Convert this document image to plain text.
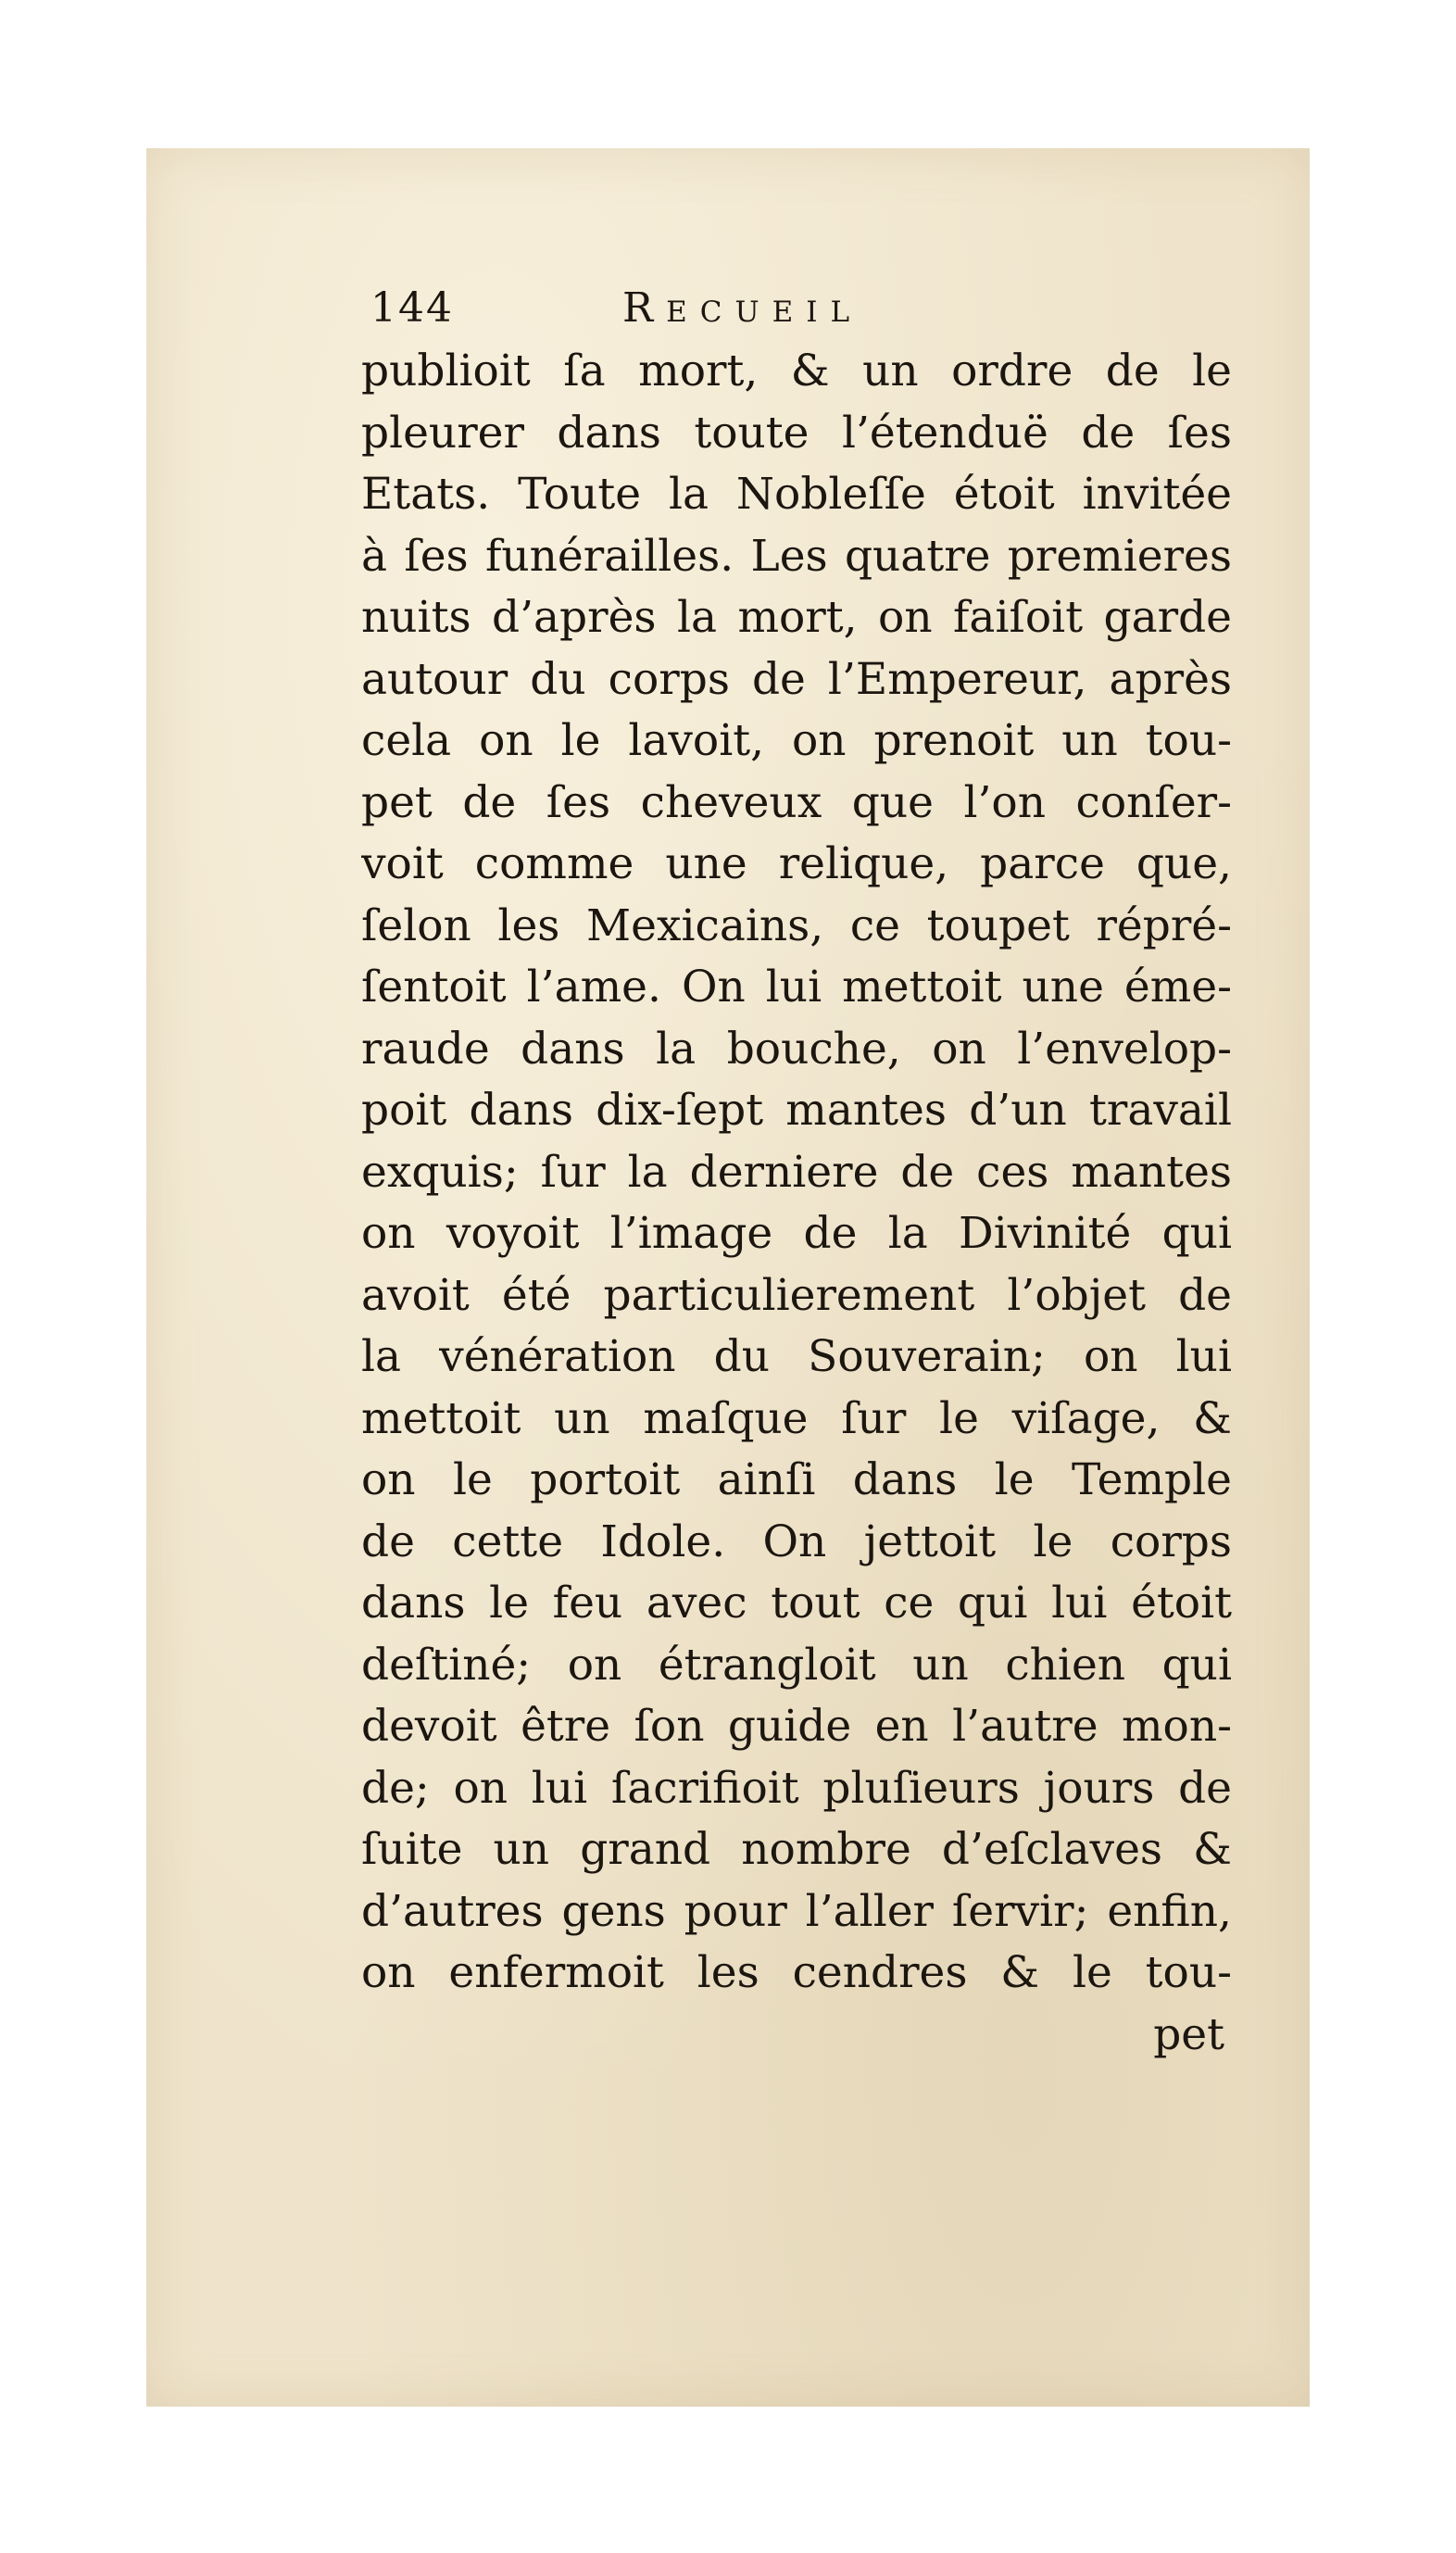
144	Recueil
publioit ſa mort, & un ordre de le
pleurer dans toute l’étenduë de ſes
Etats. Toute la Nobleſſe étoit invitée
à ſes funérailles. Les quatre premieres
nuits d’après la mort, on faiſoit garde
autour du corps de l’Empereur, après
cela on le lavoit, on prenoit un tou-
pet de ſes cheveux que l’on conſer-
voit comme une relique, parce que,
ſelon les Mexicains, ce toupet répré-
ſentoit l’ame. On lui mettoit une éme-
raude dans la bouche, on l’envelop-
poit dans dix-ſept mantes d’un travail
exquis; ſur la derniere de ces mantes
on voyoit l’image de la Divinité qui
avoit été particulierement l’objet de
la vénération du Souverain; on lui
mettoit un maſque ſur le viſage, &
on le portoit ainſi dans le Temple
de cette Idole. On jettoit le corps
dans le feu avec tout ce qui lui étoit
deſtiné; on étrangloit un chien qui
devoit être ſon guide en l’autre mon-
de; on lui ſacrifioit pluſieurs jours de
ſuite un grand nombre d’eſclaves &
d’autres gens pour l’aller ſervir; enfin,
on enfermoit les cendres & le tou-
pet
